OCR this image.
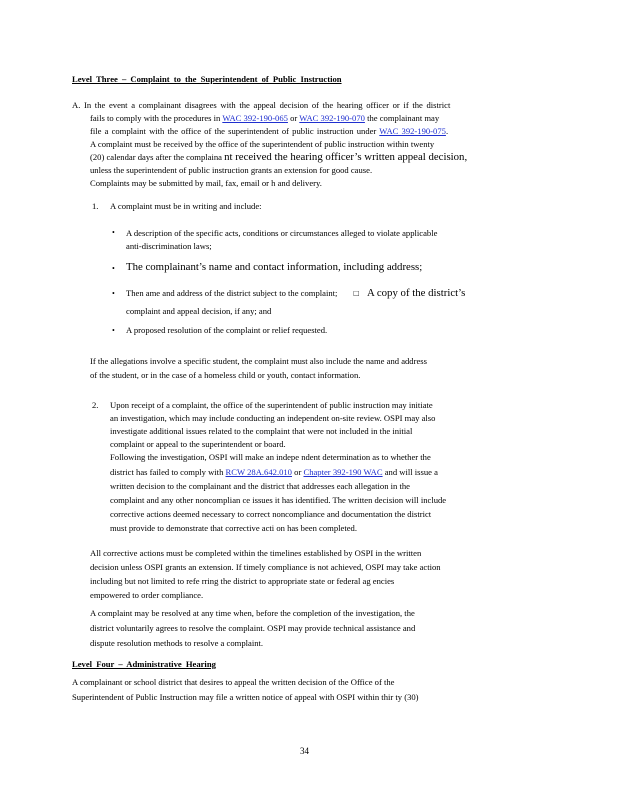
Level Three – Complaint to the Superintendent of Public Instruction
A. In the event a complainant disagrees with the appeal decision of the hearing officer or if the district
fails to comply with the procedures in WAC 392-190-065 or WAC 392-190-070 the complainant may
file a complaint with the office of the superintendent of public instruction under WAC 392-190-075.
A complaint must be received by the office of the superintendent of public instruction within twenty
(20) calendar days after the complaina nt received the hearing officer’s written appeal decision,
unless the superintendent of public instruction grants an extension for good cause.
Complaints may be submitted by mail, fax, email or h and delivery.
1. A complaint must be in writing and include:
• A description of the specific acts, conditions or circumstances alleged to violate applicable
anti-discrimination laws;
• The complainant’s name and contact information, including address;
• Then ame and address of the district subject to the complaint; □ A copy of the district’s
complaint and appeal decision, if any; and
• A proposed resolution of the complaint or relief requested.
If the allegations involve a specific student, the complaint must also include the name and address
of the student, or in the case of a homeless child or youth, contact information.
2. Upon receipt of a complaint, the office of the superintendent of public instruction may initiate
an investigation, which may include conducting an independent on-site review. OSPI may also
investigate additional issues related to the complaint that were not included in the initial
complaint or appeal to the superintendent or board.
Following the investigation, OSPI will make an indepe ndent determination as to whether the
district has failed to comply with RCW 28A.642.010 or Chapter 392-190 WAC and will issue a
written decision to the complainant and the district that addresses each allegation in the
complaint and any other noncomplian ce issues it has identified. The written decision will include
corrective actions deemed necessary to correct noncompliance and documentation the district
must provide to demonstrate that corrective acti on has been completed.
All corrective actions must be completed within the timelines established by OSPI in the written
decision unless OSPI grants an extension. If timely compliance is not achieved, OSPI may take action
including but not limited to refe rring the district to appropriate state or federal ag encies
empowered to order compliance.
A complaint may be resolved at any time when, before the completion of the investigation, the
district voluntarily agrees to resolve the complaint. OSPI may provide technical assistance and
dispute resolution methods to resolve a complaint.
Level Four – Administrative Hearing
A complainant or school district that desires to appeal the written decision of the Office of the
Superintendent of Public Instruction may file a written notice of appeal with OSPI within thir ty (30)
34
